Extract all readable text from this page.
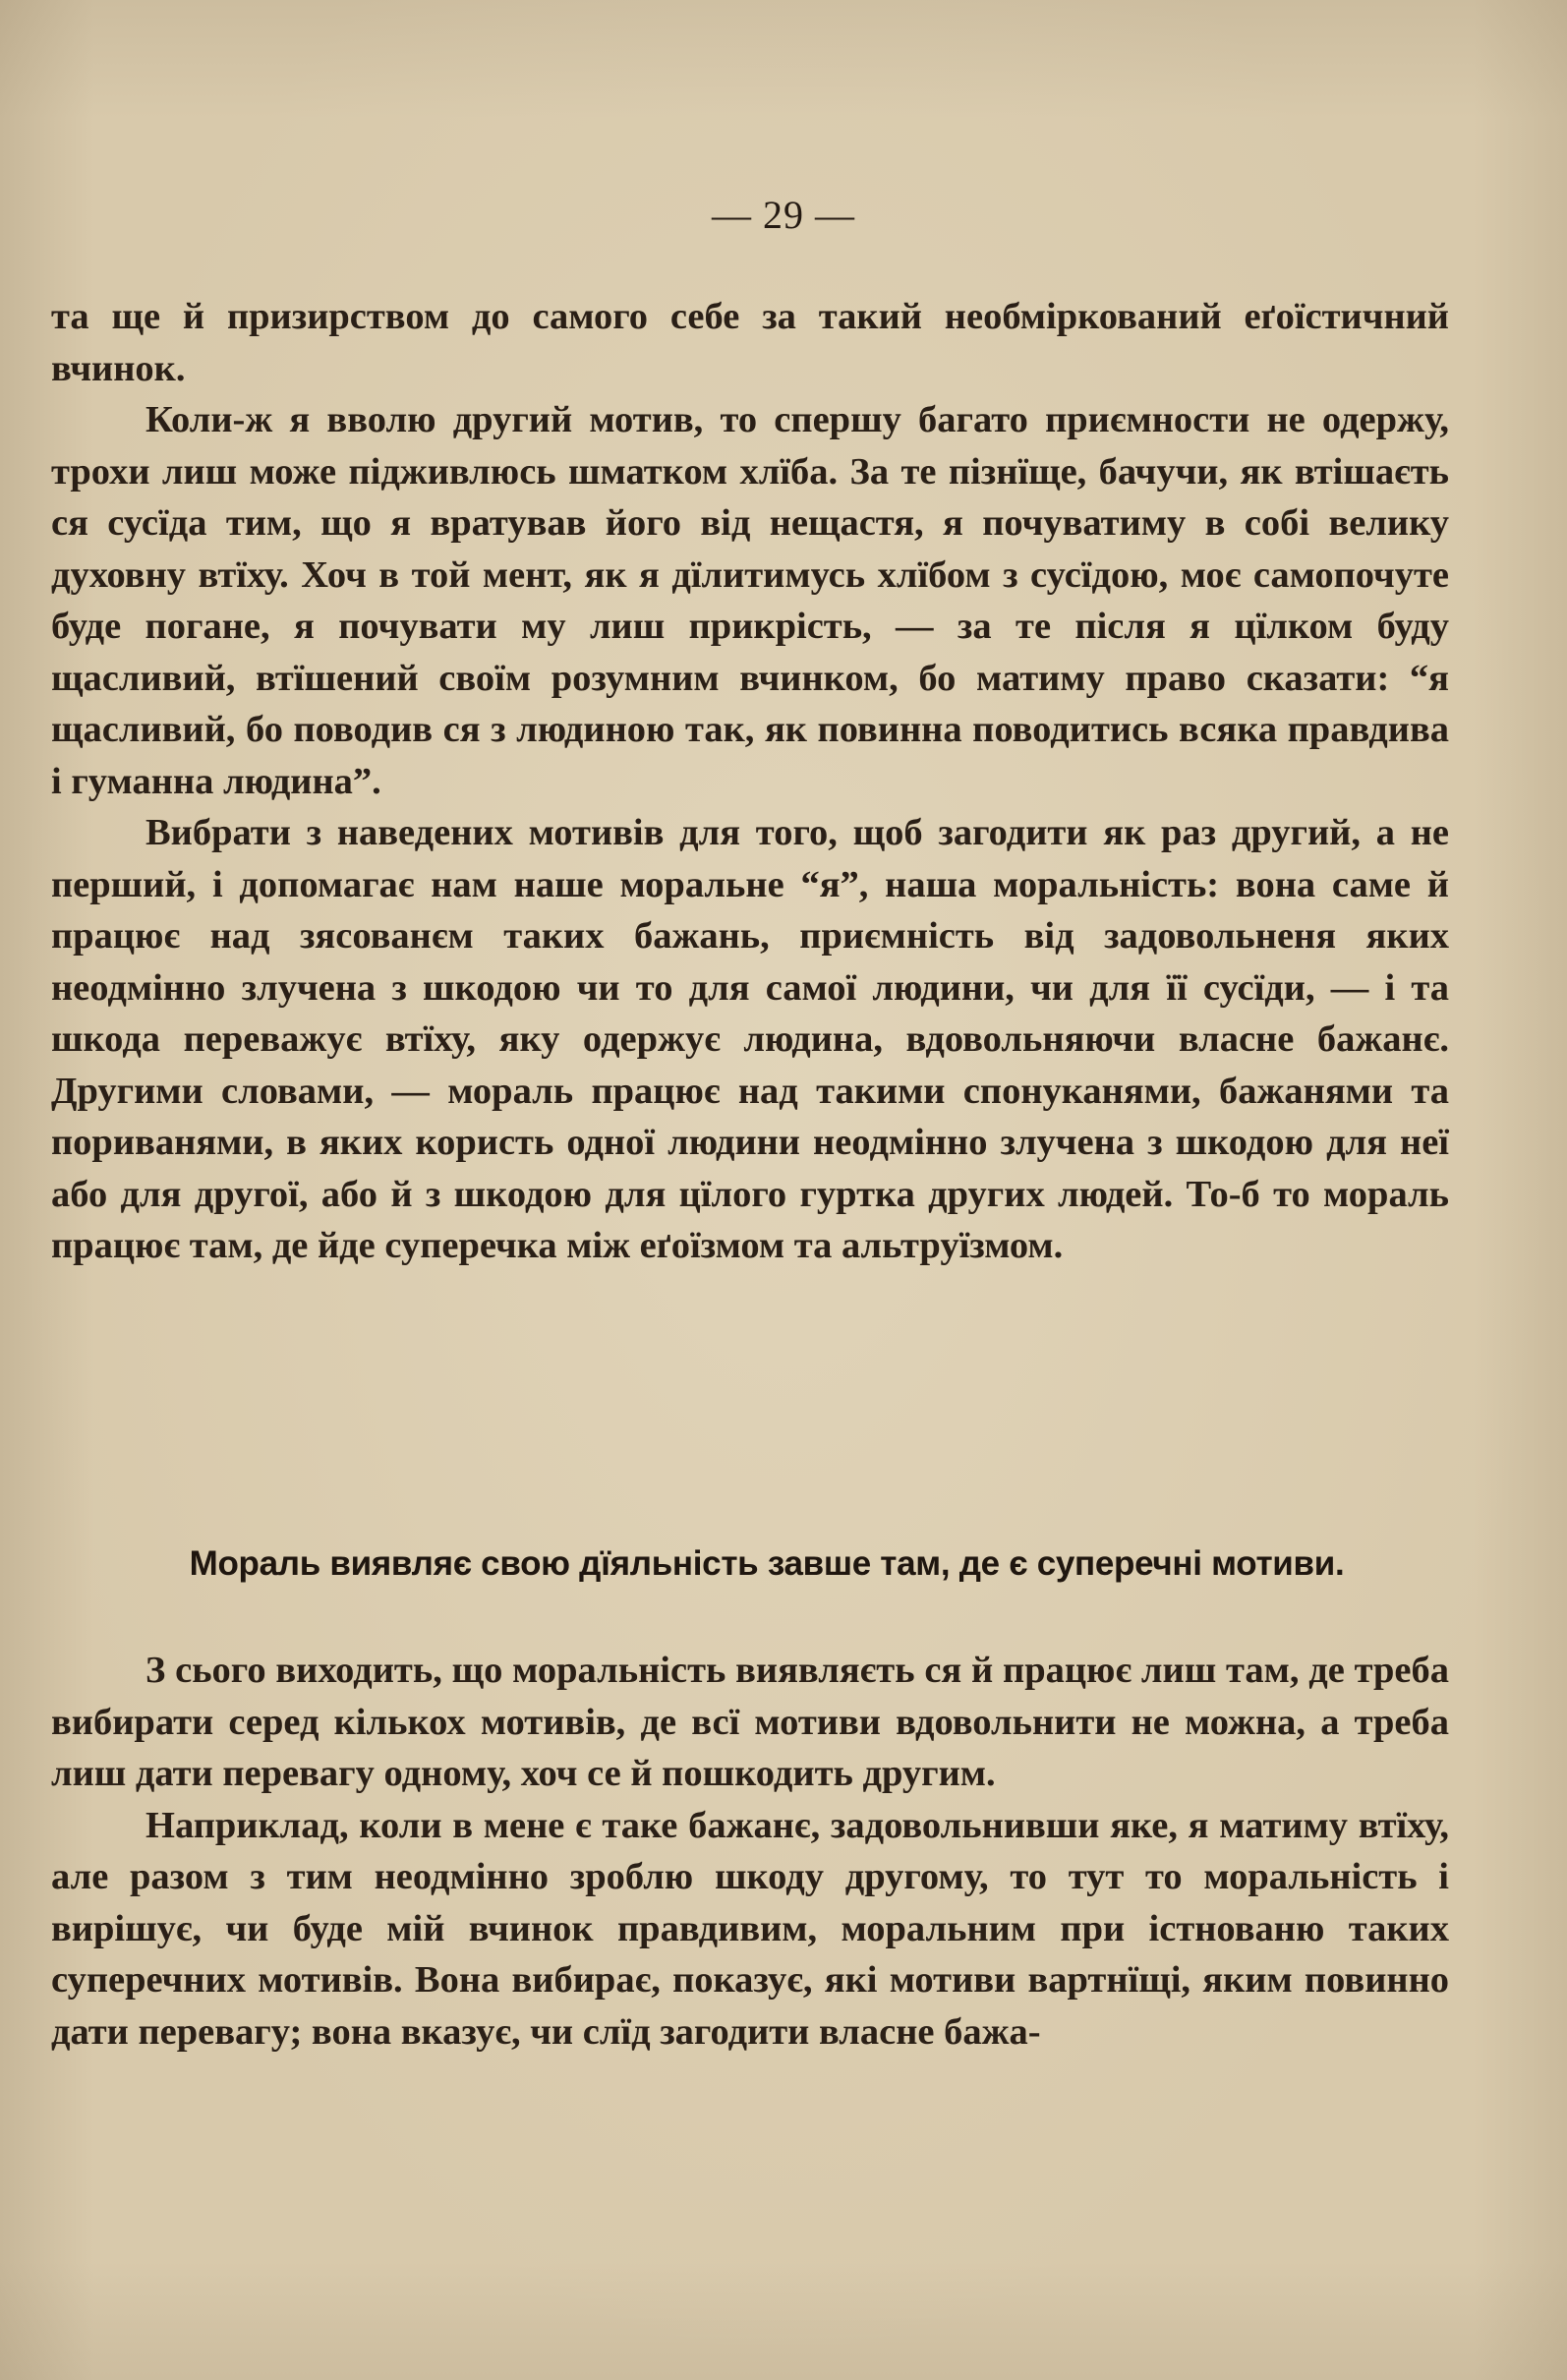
— 29 —

та ще й призирством до самого себе за такий необміркований еґоїстичний вчинок.

Коли-ж я вволю другий мотив, то спершу багато приємности не одержу, трохи лиш може підживлюсь шматком хлїба. За те пізнїще, бачучи, як втішаєть ся сусїда тим, що я вратував його від нещастя, я почуватиму в собі велику духовну втїху. Хоч в той мент, як я дїлитимусь хлїбом з сусїдою, моє самопочуте буде погане, я почувати му лиш прикрість, — за те після я цїлком буду щасливий, втїшений своїм розумним вчинком, бо матиму право сказати: “я щасливий, бо поводив ся з людиною так, як повинна поводитись всяка правдива і гуманна людина”.

Вибрати з наведених мотивів для того, щоб загодити як раз другий, а не перший, і допомагає нам наше моральне “я”, наша моральність: вона саме й працює над зясованєм таких бажань, приємність від задовольненя яких неодмінно злучена з шкодою чи то для самої людини, чи для її сусїди, — і та шкода переважує втїху, яку одержує людина, вдовольняючи власне бажанє. Другими словами, — мораль працює над такими спонуканями, бажанями та пориванями, в яких користь одної людини неодмінно злучена з шкодою для неї або для другої, або й з шкодою для цїлого гуртка других людей. То-б то мораль працює там, де йде суперечка між еґоїзмом та альтруїзмом.

Мораль виявляє свою дїяльність завше там, де є суперечні мотиви.

З сього виходить, що моральність виявляєть ся й працює лиш там, де треба вибирати серед кількох мотивів, де всї мотиви вдовольнити не можна, а треба лиш дати перевагу одному, хоч се й пошкодить другим.

Наприклад, коли в мене є таке бажанє, задовольнивши яке, я матиму втїху, але разом з тим неодмінно зроблю шкоду другому, то тут то моральність і вирішує, чи буде мій вчинок правдивим, моральним при істнованю таких суперечних мотивів. Вона вибирає, показує, які мотиви вартнїщі, яким повинно дати перевагу; вона вказує, чи слїд загодити власне бажа-
